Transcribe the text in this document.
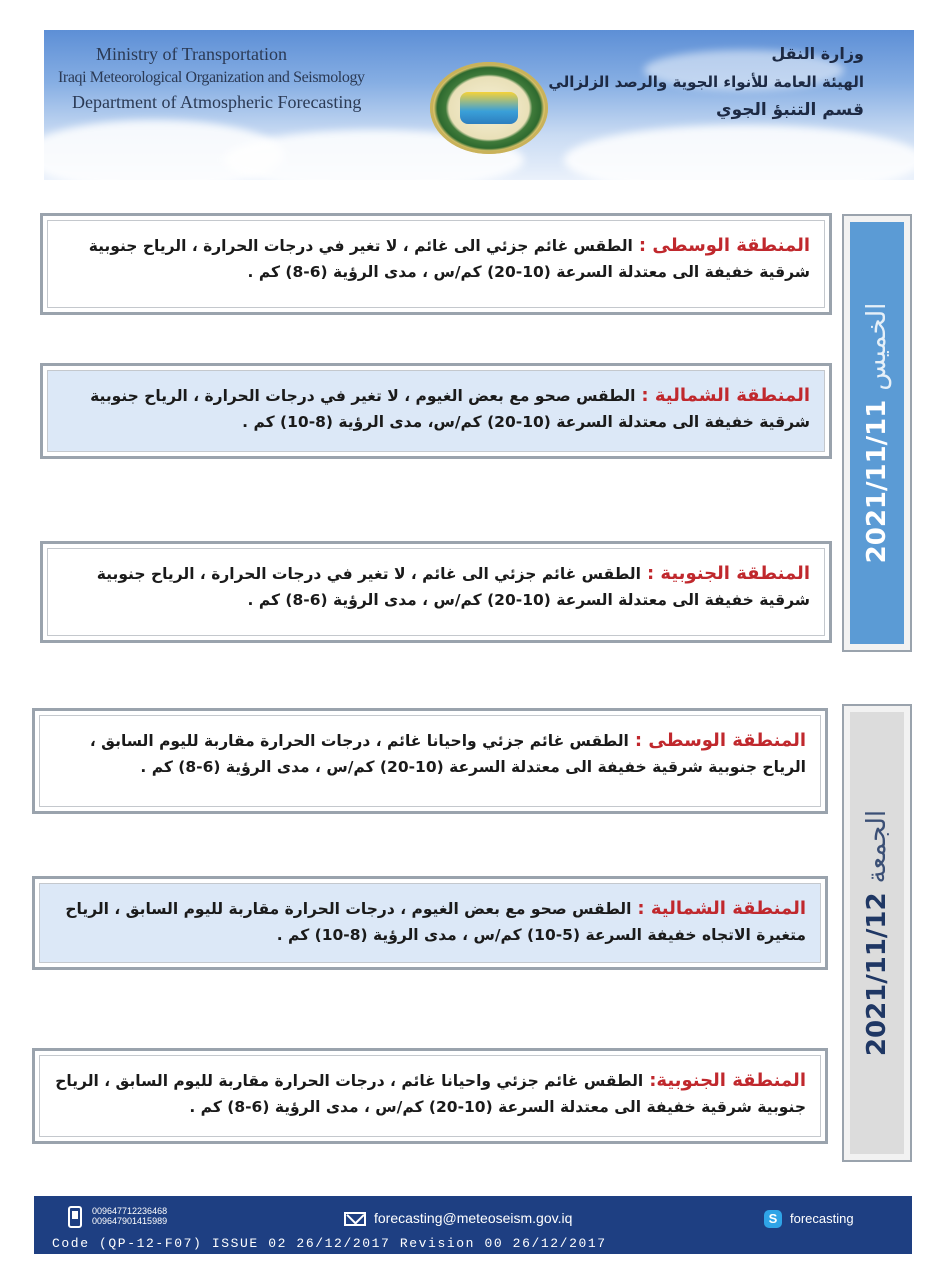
Ministry of Transportation
Iraqi Meteorological Organization and Seismology
Department of Atmospheric Forecasting
وزارة النقل
الهيئة العامة للأنواء الجوية والرصد الزلزالي
قسم التنبؤ الجوي
2021/11/11 الخميس
2021/11/12 الجمعة
المنطقة الوسطى :الطقس غائم جزئي الى غائم ، لا تغير في درجات الحرارة ، الرياح جنوبية شرقية خفيفة الى معتدلة السرعة (10-20) كم/س ، مدى الرؤية (6-8) كم .
المنطقة الشمالية :الطقس صحو مع بعض الغيوم ، لا تغير في درجات الحرارة ، الرياح جنوبية شرقية خفيفة الى معتدلة السرعة (10-20) كم/س، مدى الرؤية (8-10) كم .
المنطقة الجنوبية :الطقس غائم جزئي الى غائم ، لا تغير في درجات الحرارة ، الرياح جنوبية شرقية خفيفة الى معتدلة السرعة (10-20) كم/س ، مدى الرؤية (6-8) كم .
المنطقة الوسطى :الطقس غائم جزئي واحيانا غائم ، درجات الحرارة مقاربة لليوم السابق ، الرياح جنوبية شرقية خفيفة الى معتدلة السرعة (10-20) كم/س ، مدى الرؤية (6-8) كم .
المنطقة الشمالية :الطقس صحو مع بعض الغيوم ، درجات الحرارة مقاربة لليوم السابق ، الرياح متغيرة الاتجاه خفيفة السرعة (5-10) كم/س ، مدى الرؤية (8-10) كم .
المنطقة الجنوبية:الطقس غائم جزئي واحيانا غائم ، درجات الحرارة مقاربة لليوم السابق ، الرياح جنوبية شرقية خفيفة الى معتدلة السرعة (10-20) كم/س ، مدى الرؤية (6-8) كم .
009647712236468
009647901415989	forecasting@meteoseism.gov.iq	S forecasting
Code (QP-12-F07) ISSUE 02 26/12/2017 Revision 00 26/12/2017
